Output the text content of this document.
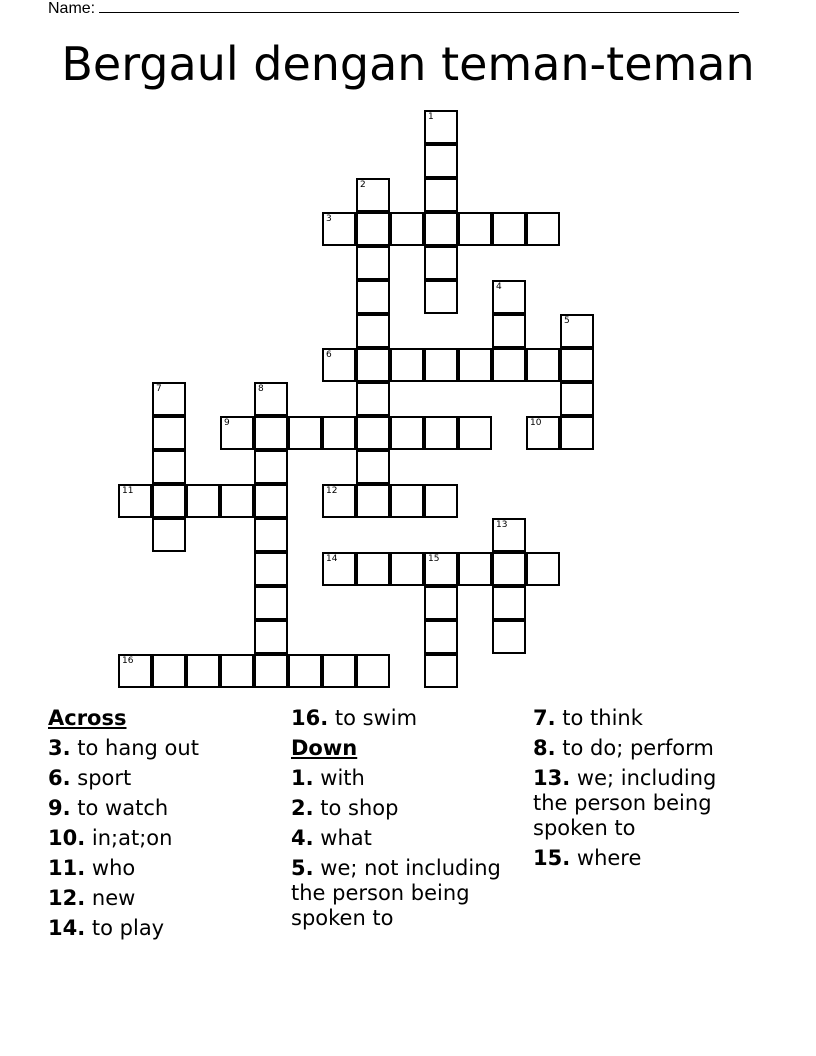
Name:
Bergaul dengan teman-teman
1
2
3
4
5
6
7	8
9	10
11	12
13
14	15
16
Across
3. to hang out
6. sport
9. to watch
10. in;at;on
11. who
12. new
14. to play
16. to swim
Down
1. with
2. to shop
4. what
5. we; not including the person being spoken to
7. to think
8. to do; perform
13. we; including the person being spoken to
15. where
